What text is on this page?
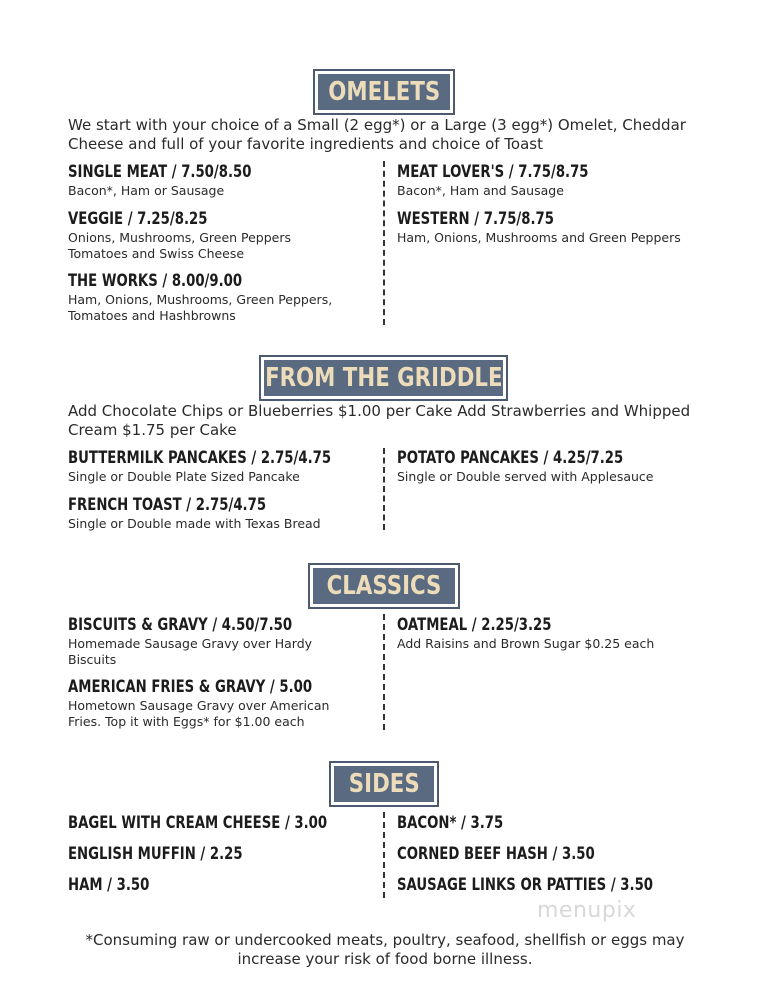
OMELETS
We start with your choice of a Small (2 egg*) or a Large (3 egg*) Omelet, Cheddar Cheese and full of your favorite ingredients and choice of Toast
SINGLE MEAT / 7.50/8.50
Bacon*, Ham or Sausage
VEGGIE / 7.25/8.25
Onions, Mushrooms, Green Peppers Tomatoes and Swiss Cheese
THE WORKS / 8.00/9.00
Ham, Onions, Mushrooms, Green Peppers, Tomatoes and Hashbrowns
MEAT LOVER'S / 7.75/8.75
Bacon*, Ham and Sausage
WESTERN / 7.75/8.75
Ham, Onions, Mushrooms and Green Peppers
FROM THE GRIDDLE
Add Chocolate Chips or Blueberries $1.00 per Cake Add Strawberries and Whipped Cream $1.75 per Cake
BUTTERMILK PANCAKES / 2.75/4.75
Single or Double Plate Sized Pancake
FRENCH TOAST / 2.75/4.75
Single or Double made with Texas Bread
POTATO PANCAKES / 4.25/7.25
Single or Double served with Applesauce
CLASSICS
BISCUITS & GRAVY / 4.50/7.50
Homemade Sausage Gravy over Hardy Biscuits
AMERICAN FRIES & GRAVY / 5.00
Hometown Sausage Gravy over American Fries. Top it with Eggs* for $1.00 each
OATMEAL / 2.25/3.25
Add Raisins and Brown Sugar $0.25 each
SIDES
BAGEL WITH CREAM CHEESE / 3.00
ENGLISH MUFFIN / 2.25
HAM / 3.50
BACON* / 3.75
CORNED BEEF HASH / 3.50
SAUSAGE LINKS OR PATTIES / 3.50
menupix
*Consuming raw or undercooked meats, poultry, seafood, shellfish or eggs may increase your risk of food borne illness.
